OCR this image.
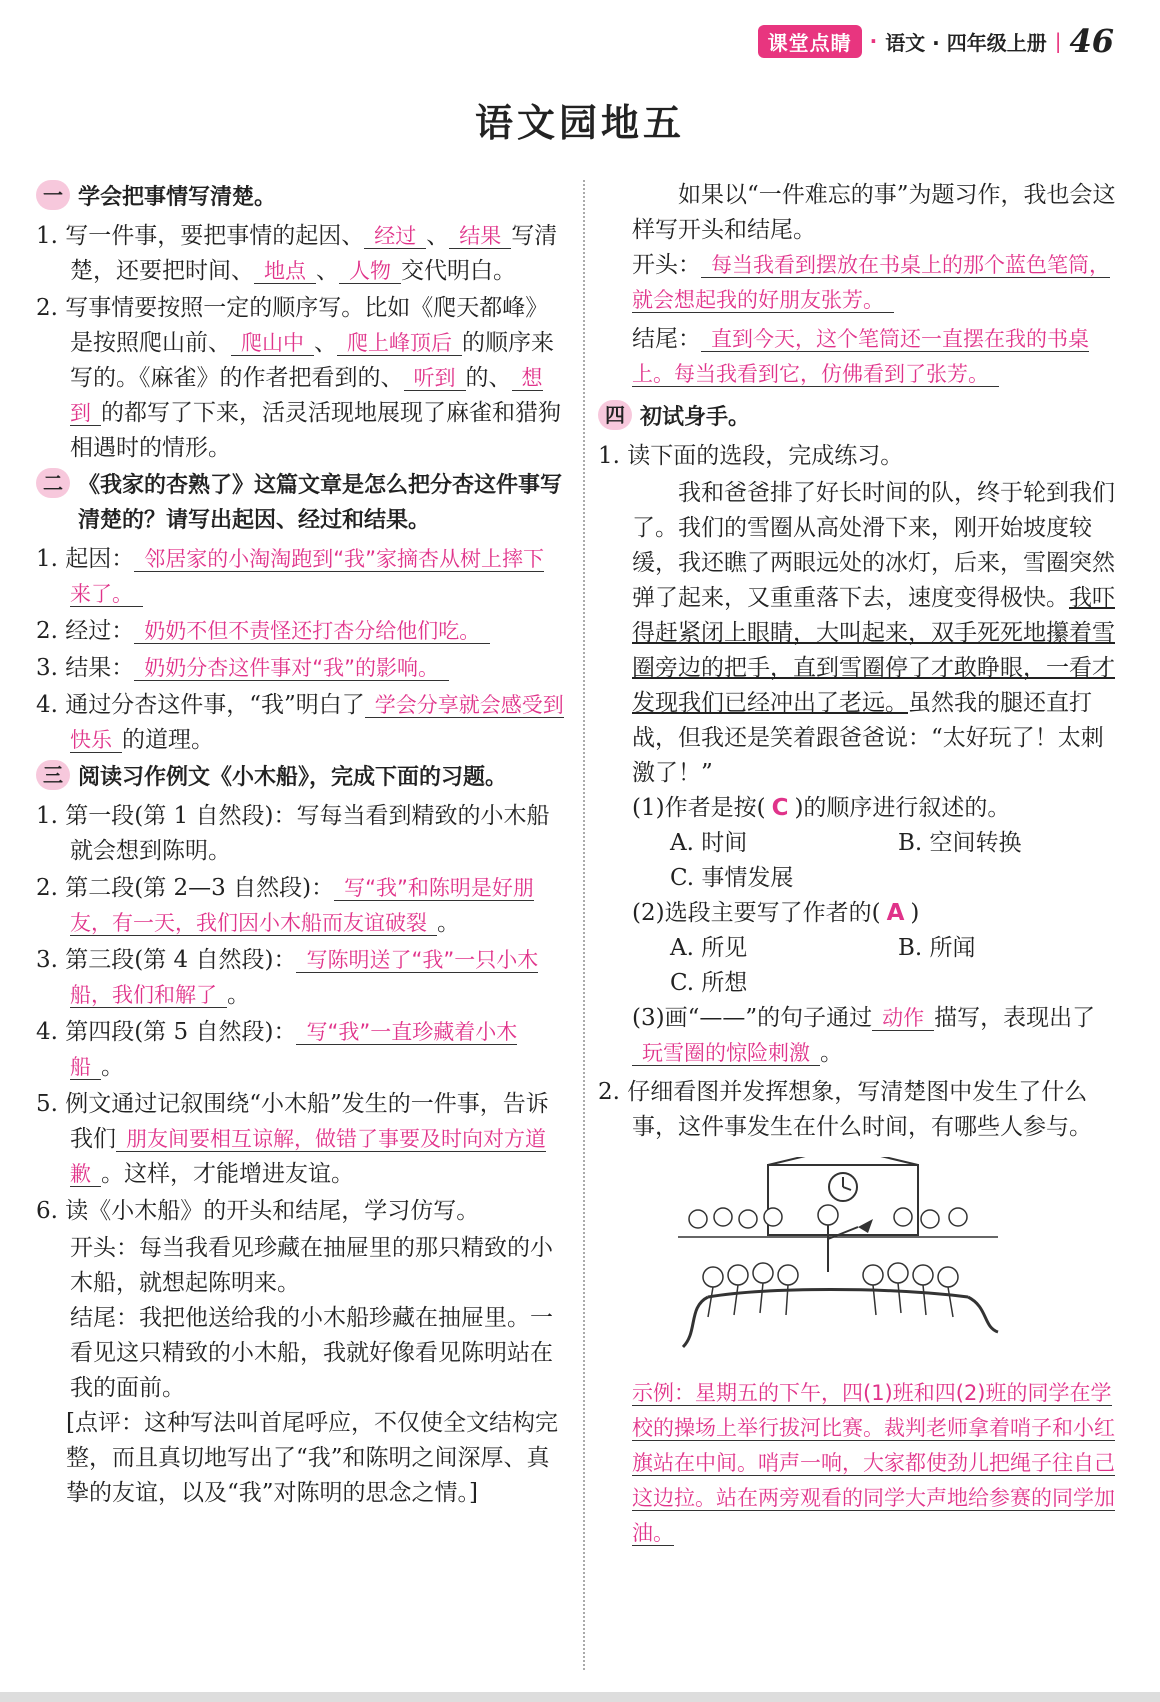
课堂点睛 · 语文 · 四年级上册 | 46
语文园地五
一 学会把事情写清楚。
1. 写一件事，要把事情的起因、 经过 、 结果 写清楚，还要把时间、 地点 、 人物 交代明白。
2. 写事情要按照一定的顺序写。比如《爬天都峰》是按照爬山前、 爬山中 、 爬上峰顶后 的顺序来写的。《麻雀》的作者把看到的、 听到 的、 想到 的都写了下来，活灵活现地展现了麻雀和猎狗相遇时的情形。
二 《我家的杏熟了》这篇文章是怎么把分杏这件事写清楚的？请写出起因、经过和结果。
1. 起因： 邻居家的小淘淘跑到“我”家摘杏从树上摔下来了。
2. 经过： 奶奶不但不责怪还打杏分给他们吃。
3. 结果： 奶奶分杏这件事对“我”的影响。
4. 通过分杏这件事，“我”明白了 学会分享就会感受到快乐 的道理。
三 阅读习作例文《小木船》，完成下面的习题。
1. 第一段(第 1 自然段)：写每当看到精致的小木船就会想到陈明。
2. 第二段(第 2—3 自然段)： 写“我”和陈明是好朋友，有一天，我们因小木船而友谊破裂 。
3. 第三段(第 4 自然段)： 写陈明送了“我”一只小木船，我们和解了 。
4. 第四段(第 5 自然段)： 写“我”一直珍藏着小木船 。
5. 例文通过记叙围绕“小木船”发生的一件事，告诉我们 朋友间要相互谅解，做错了事要及时向对方道歉 。这样，才能增进友谊。
6. 读《小木船》的开头和结尾，学习仿写。
开头：每当我看见珍藏在抽屉里的那只精致的小木船，就想起陈明来。
结尾：我把他送给我的小木船珍藏在抽屉里。一看见这只精致的小木船，我就好像看见陈明站在我的面前。
[点评：这种写法叫首尾呼应，不仅使全文结构完整，而且真切地写出了“我”和陈明之间深厚、真挚的友谊，以及“我”对陈明的思念之情。]
如果以“一件难忘的事”为题习作，我也会这样写开头和结尾。
开头： 每当我看到摆放在书桌上的那个蓝色笔筒，就会想起我的好朋友张芳。
结尾： 直到今天，这个笔筒还一直摆在我的书桌上。每当我看到它，仿佛看到了张芳。
四 初试身手。
1. 读下面的选段，完成练习。
我和爸爸排了好长时间的队，终于轮到我们了。我们的雪圈从高处滑下来，刚开始坡度较缓，我还瞧了两眼远处的冰灯，后来，雪圈突然弹了起来，又重重落下去，速度变得极快。我吓得赶紧闭上眼睛，大叫起来，双手死死地攥着雪圈旁边的把手，直到雪圈停了才敢睁眼，一看才发现我们已经冲出了老远。虽然我的腿还直打战，但我还是笑着跟爸爸说：“太好玩了！太刺激了！”
(1)作者是按( C )的顺序进行叙述的。
A. 时间	B. 空间转换
C. 事情发展
(2)选段主要写了作者的( A )
A. 所见	B. 所闻
C. 所想
(3)画“——”的句子通过 动作 描写，表现出了玩雪圈的惊险刺激 。
2. 仔细看图并发挥想象，写清楚图中发生了什么事，这件事发生在什么时间，有哪些人参与。
示例：星期五的下午，四(1)班和四(2)班的同学在学校的操场上举行拔河比赛。裁判老师拿着哨子和小红旗站在中间。哨声一响，大家都使劲儿把绳子往自己这边拉。站在两旁观看的同学大声地给参赛的同学加油。
